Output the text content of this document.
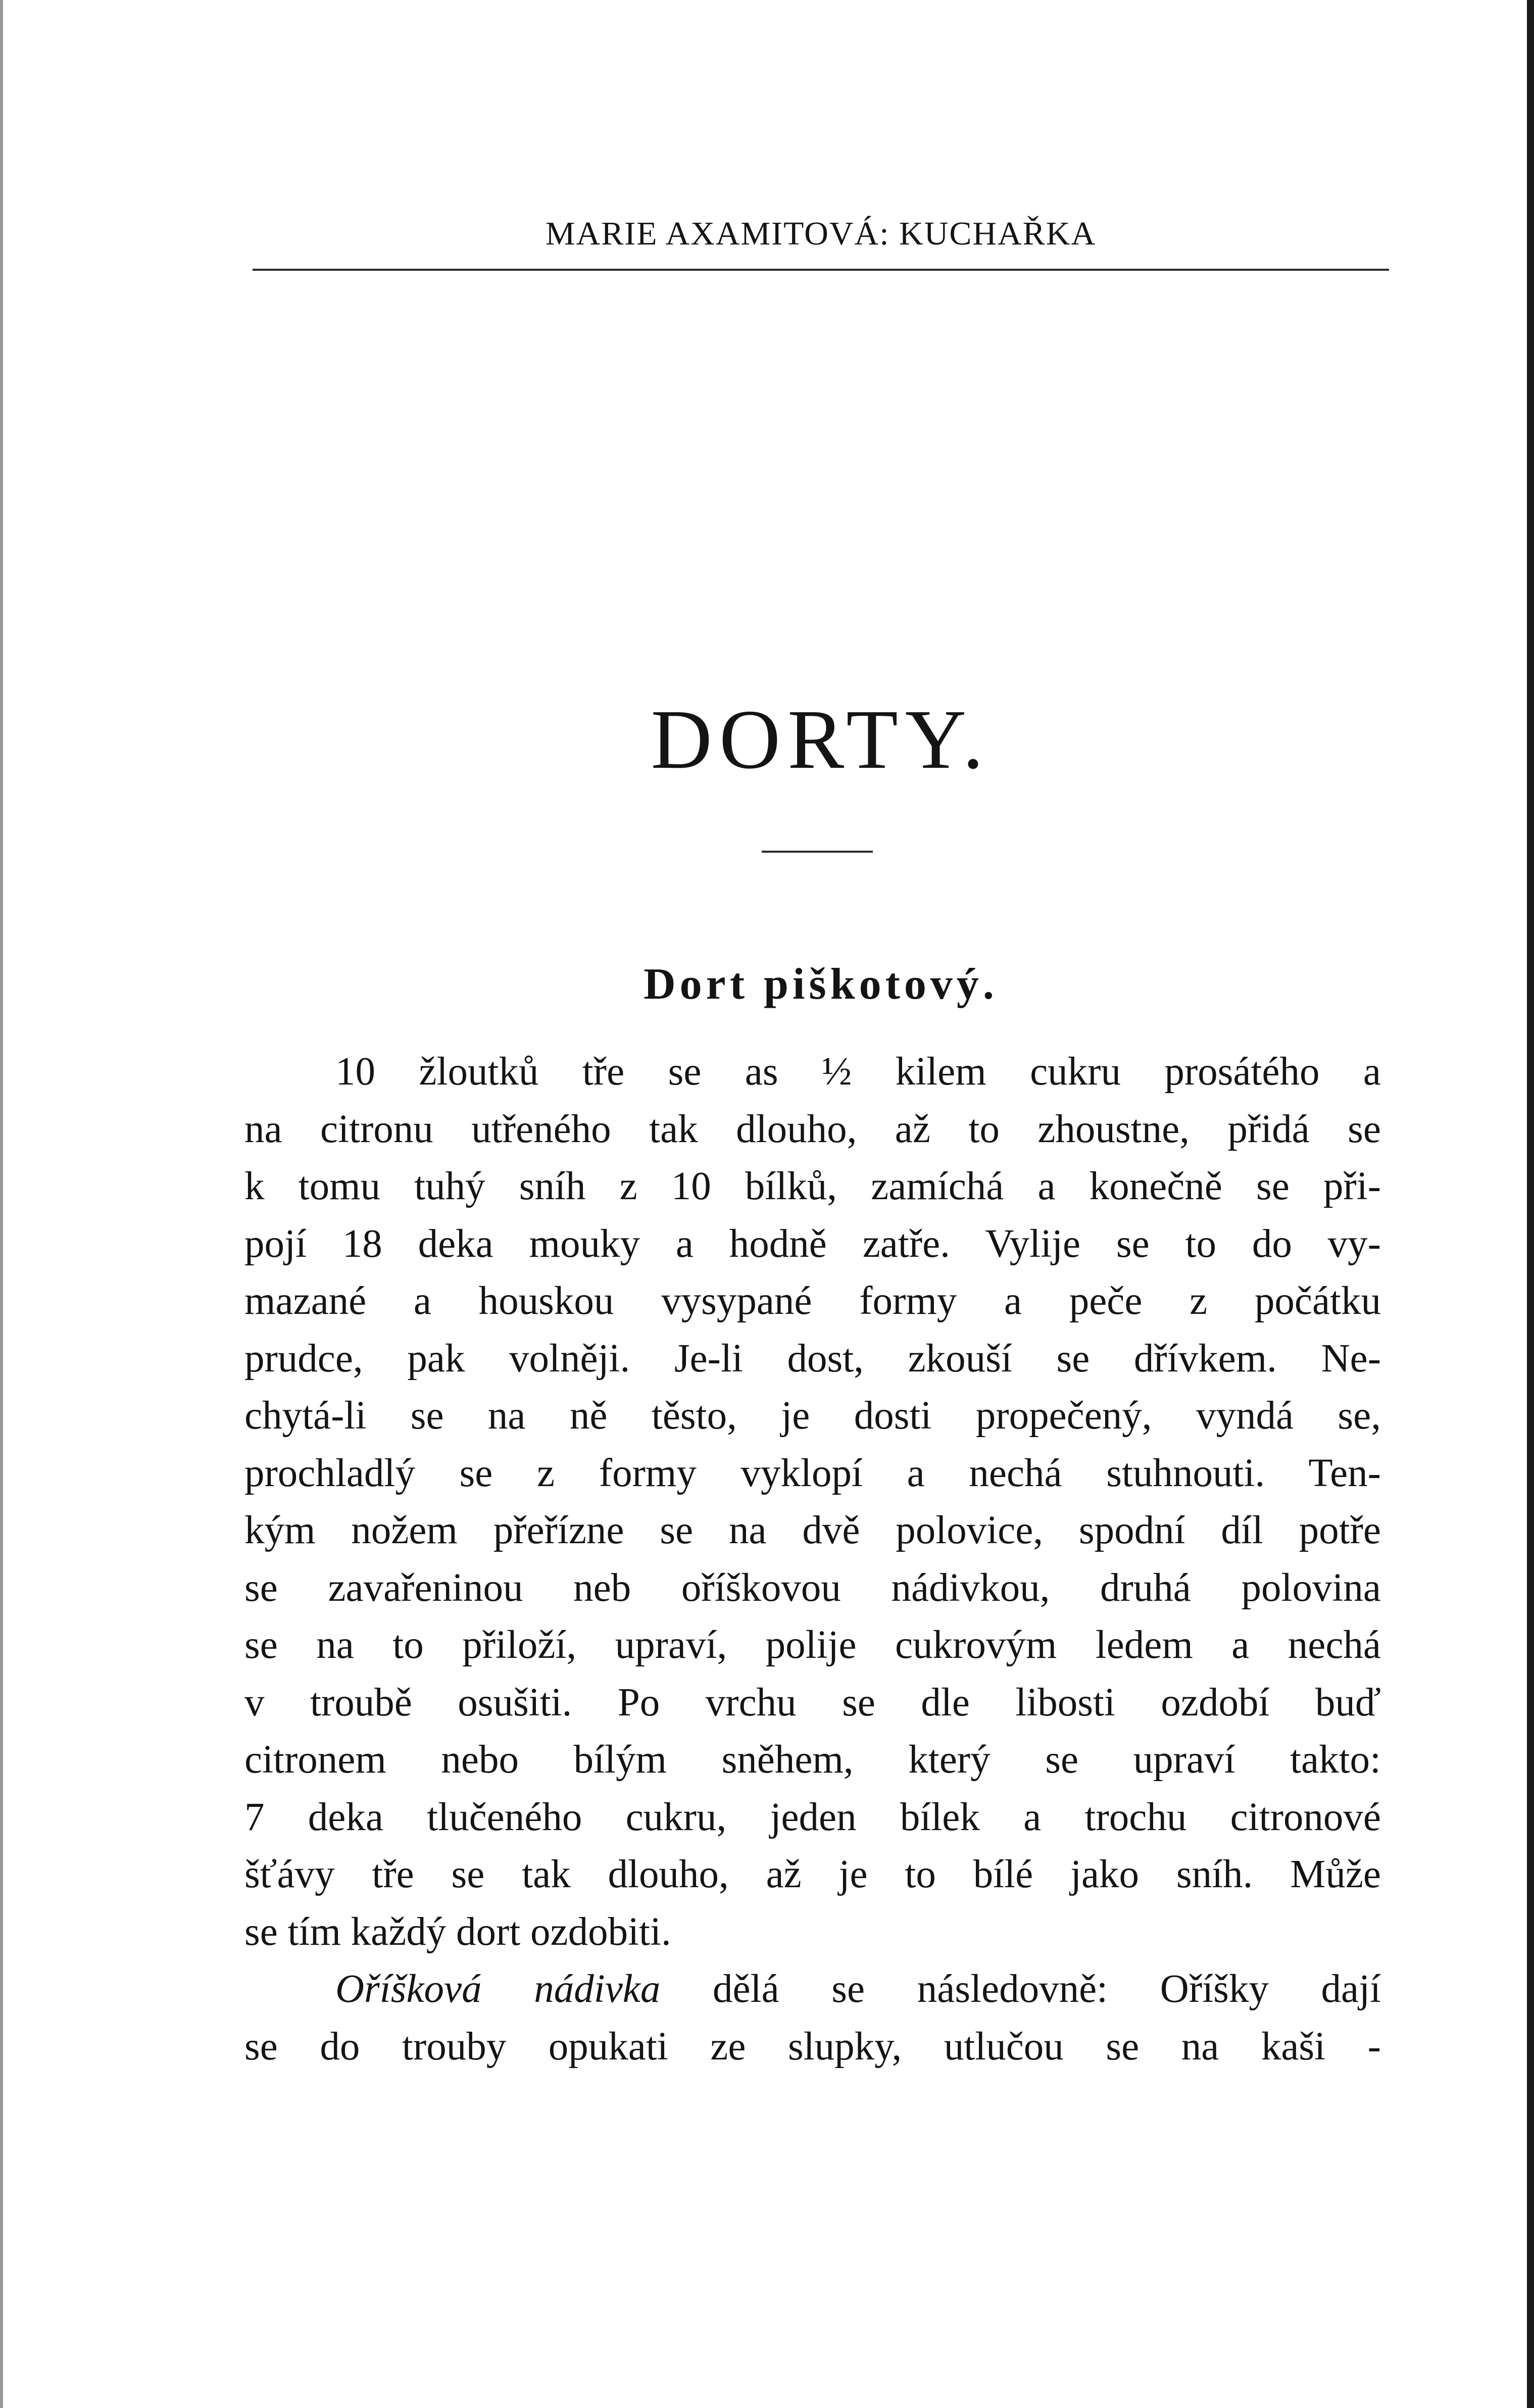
MARIE AXAMITOVÁ: KUCHAŘKA
DORTY.
Dort piškotový.
10 žloutků tře se as ½ kilem cukru prosátého a
na citronu utřeného tak dlouho, až to zhoustne, přidá se
k tomu tuhý sníh z 10 bílků, zamíchá a konečně se při-
pojí 18 deka mouky a hodně zatře. Vylije se to do vy-
mazané a houskou vysypané formy a peče z počátku
prudce, pak volněji. Je-li dost, zkouší se dřívkem. Ne-
chytá-li se na ně těsto, je dosti propečený, vyndá se,
prochladlý se z formy vyklopí a nechá stuhnouti. Ten-
kým nožem přeřízne se na dvě polovice, spodní díl potře
se zavařeninou neb oříškovou nádivkou, druhá polovina
se na to přiloží, upraví, polije cukrovým ledem a nechá
v troubě osušiti. Po vrchu se dle libosti ozdobí buď
citronem nebo bílým sněhem, který se upraví takto:
7 deka tlučeného cukru, jeden bílek a trochu citronové
šťávy tře se tak dlouho, až je to bílé jako sníh. Může
se tím každý dort ozdobiti.
Oříšková nádivka dělá se následovně: Oříšky dají
se do trouby opukati ze slupky, utlučou se na kaši ‑
